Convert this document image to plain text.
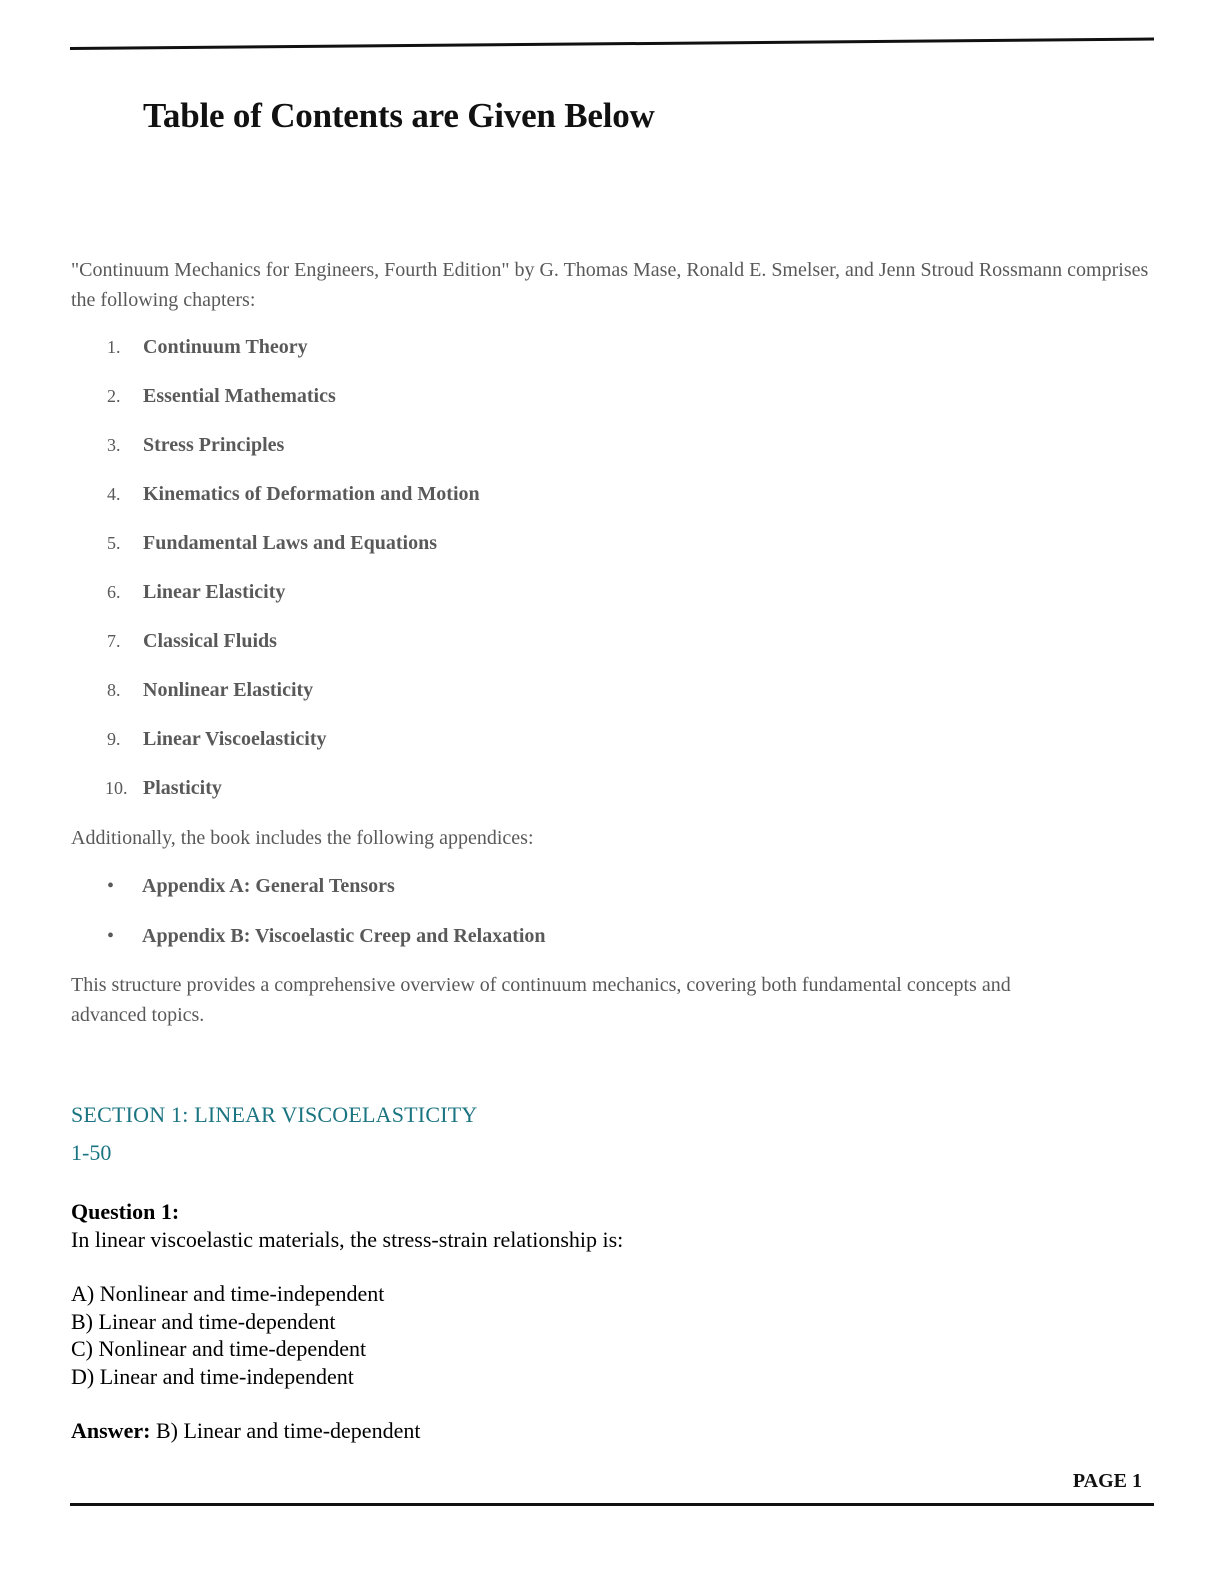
Table of Contents are Given Below

"Continuum Mechanics for Engineers, Fourth Edition" by G. Thomas Mase, Ronald E. Smelser, and Jenn Stroud Rossmann comprises the following chapters:

1.	Continuum Theory
2.	Essential Mathematics
3.	Stress Principles
4.	Kinematics of Deformation and Motion
5.	Fundamental Laws and Equations
6.	Linear Elasticity
7.	Classical Fluids
8.	Nonlinear Elasticity
9.	Linear Viscoelasticity
10. Plasticity

Additionally, the book includes the following appendices:

• Appendix A: General Tensors
• Appendix B: Viscoelastic Creep and Relaxation

This structure provides a comprehensive overview of continuum mechanics, covering both fundamental concepts and advanced topics.

SECTION 1: LINEAR VISCOELASTICITY

1-50

Question 1:
In linear viscoelastic materials, the stress-strain relationship is:
A) Nonlinear and time-independent
B) Linear and time-dependent
C) Nonlinear and time-dependent
D) Linear and time-independent
Answer: B) Linear and time-dependent
PAGE 1
